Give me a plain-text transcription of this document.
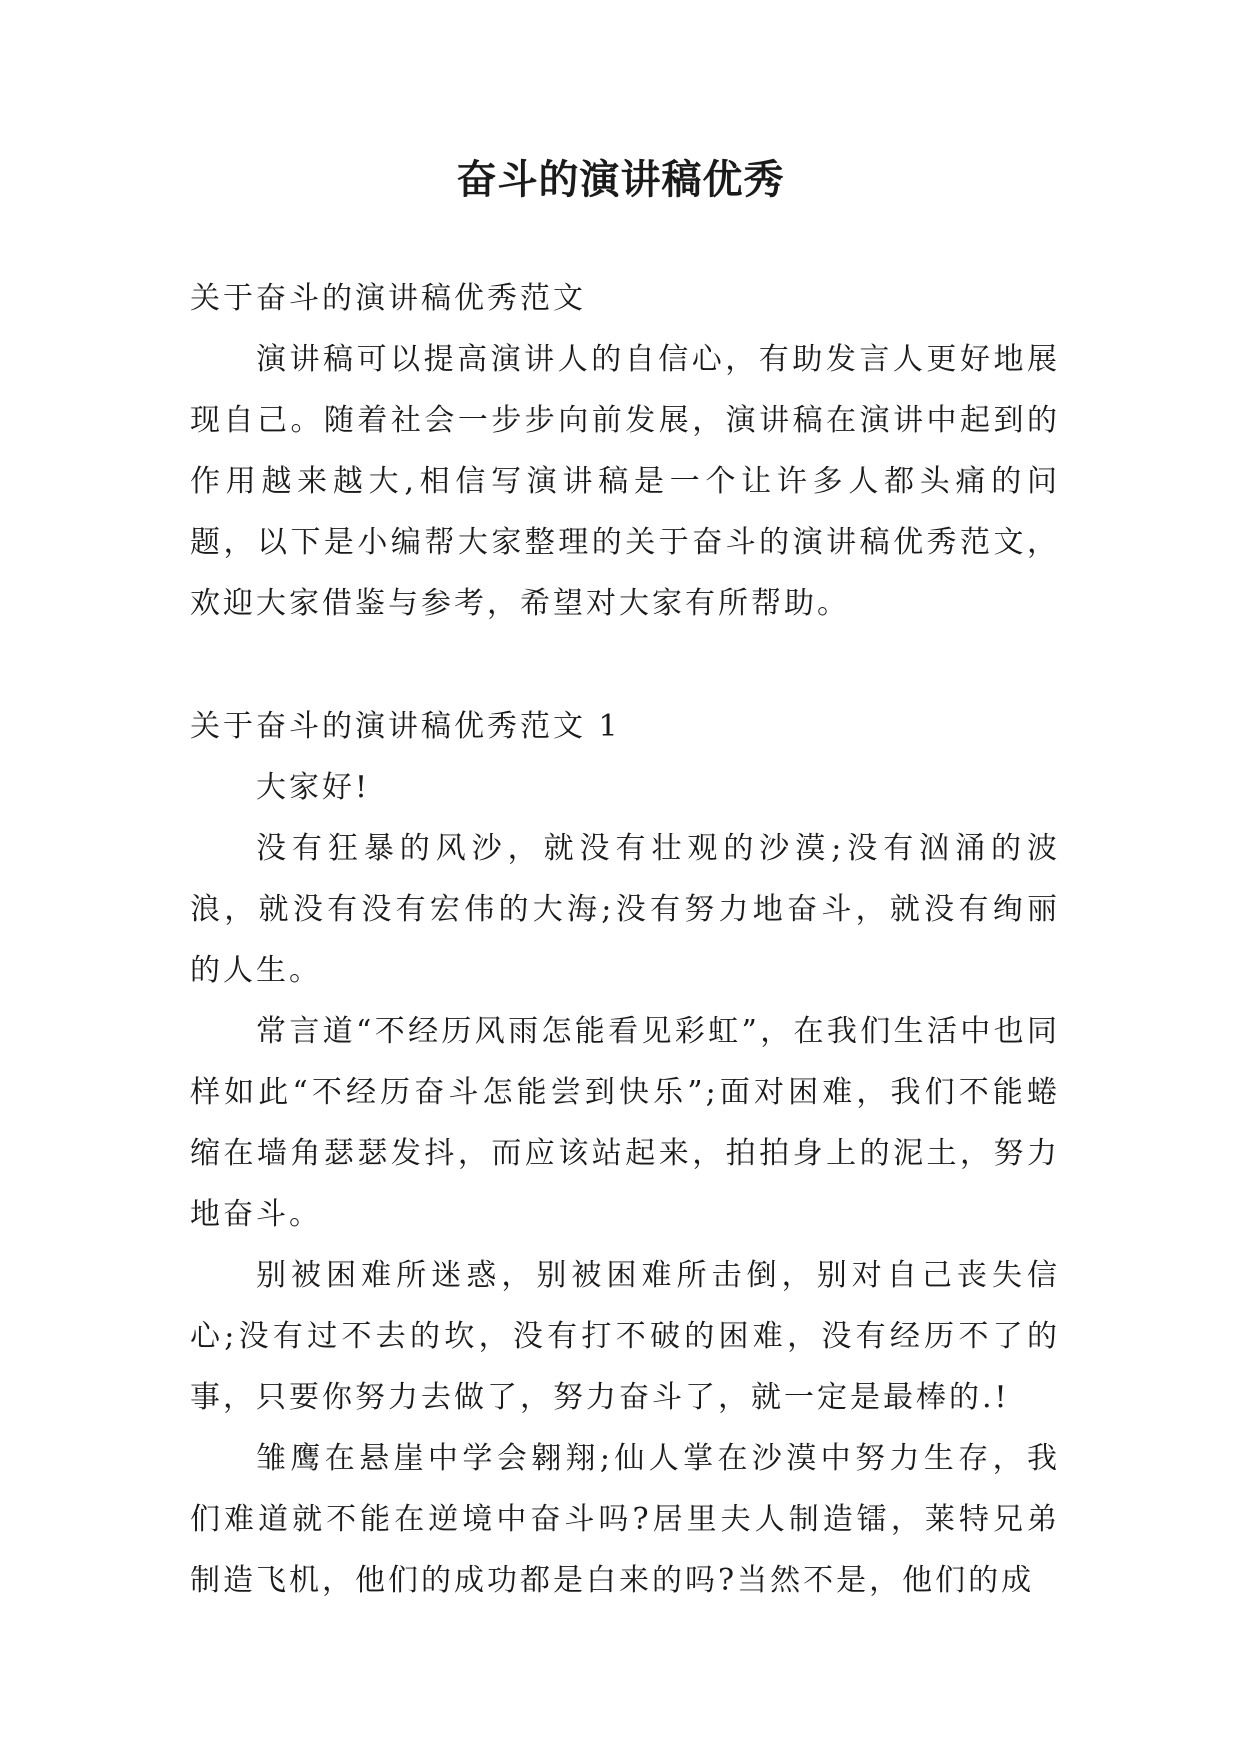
奋斗的演讲稿优秀

关于奋斗的演讲稿优秀范文

演讲稿可以提高演讲人的自信心，有助发言人更好地展现自己。随着社会一步步向前发展，演讲稿在演讲中起到的作用越来越大,相信写演讲稿是一个让许多人都头痛的问题，以下是小编帮大家整理的关于奋斗的演讲稿优秀范文，欢迎大家借鉴与参考，希望对大家有所帮助。

关于奋斗的演讲稿优秀范文 1

大家好!

没有狂暴的风沙，就没有壮观的沙漠;没有汹涌的波浪，就没有没有宏伟的大海;没有努力地奋斗，就没有绚丽的人生。

常言道“不经历风雨怎能看见彩虹”，在我们生活中也同样如此“不经历奋斗怎能尝到快乐”;面对困难，我们不能蜷缩在墙角瑟瑟发抖，而应该站起来，拍拍身上的泥土，努力地奋斗。

别被困难所迷惑，别被困难所击倒，别对自己丧失信心;没有过不去的坎，没有打不破的困难，没有经历不了的事，只要你努力去做了，努力奋斗了，就一定是最棒的.!

雏鹰在悬崖中学会翱翔;仙人掌在沙漠中努力生存，我们难道就不能在逆境中奋斗吗?居里夫人制造镭，莱特兄弟制造飞机，他们的成功都是白来的吗?当然不是，他们的成
